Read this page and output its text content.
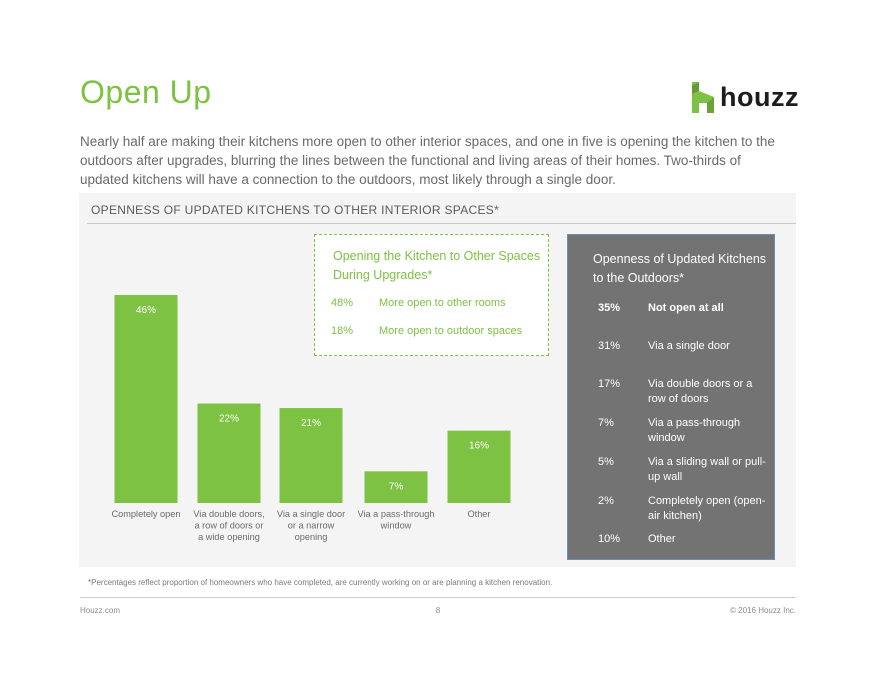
Open Up	houzz

Nearly half are making their kitchens more open to other interior spaces, and one in five is opening the kitchen to the outdoors after upgrades, blurring the lines between the functional and living areas of their homes. Two-thirds of updated kitchens will have a connection to the outdoors, most likely through a single door.

OPENNESS OF UPDATED KITCHENS TO OTHER INTERIOR SPACES*
46%
Completely open
22%
Via double doors,
a row of doors or
a wide opening
21%
Via a single door
or a narrow
opening
7%
Via a pass-through
window
16%
Other
Opening the Kitchen to Other Spaces During Upgrades*
48% More open to other rooms
18% More open to outdoor spaces
Openness of Updated Kitchens to the Outdoors*
35%	Not open at all
31%	Via a single door
17%	Via double doors or a row of doors
7%	Via a pass-through window
5%	Via a sliding wall or pull-up wall
2%	Completely open (open-air kitchen)
10%	Other

*Percentages reflect proportion of homeowners who have completed, are currently working on or are planning a kitchen renovation.

Houzz.com	8	© 2016 Houzz Inc.
